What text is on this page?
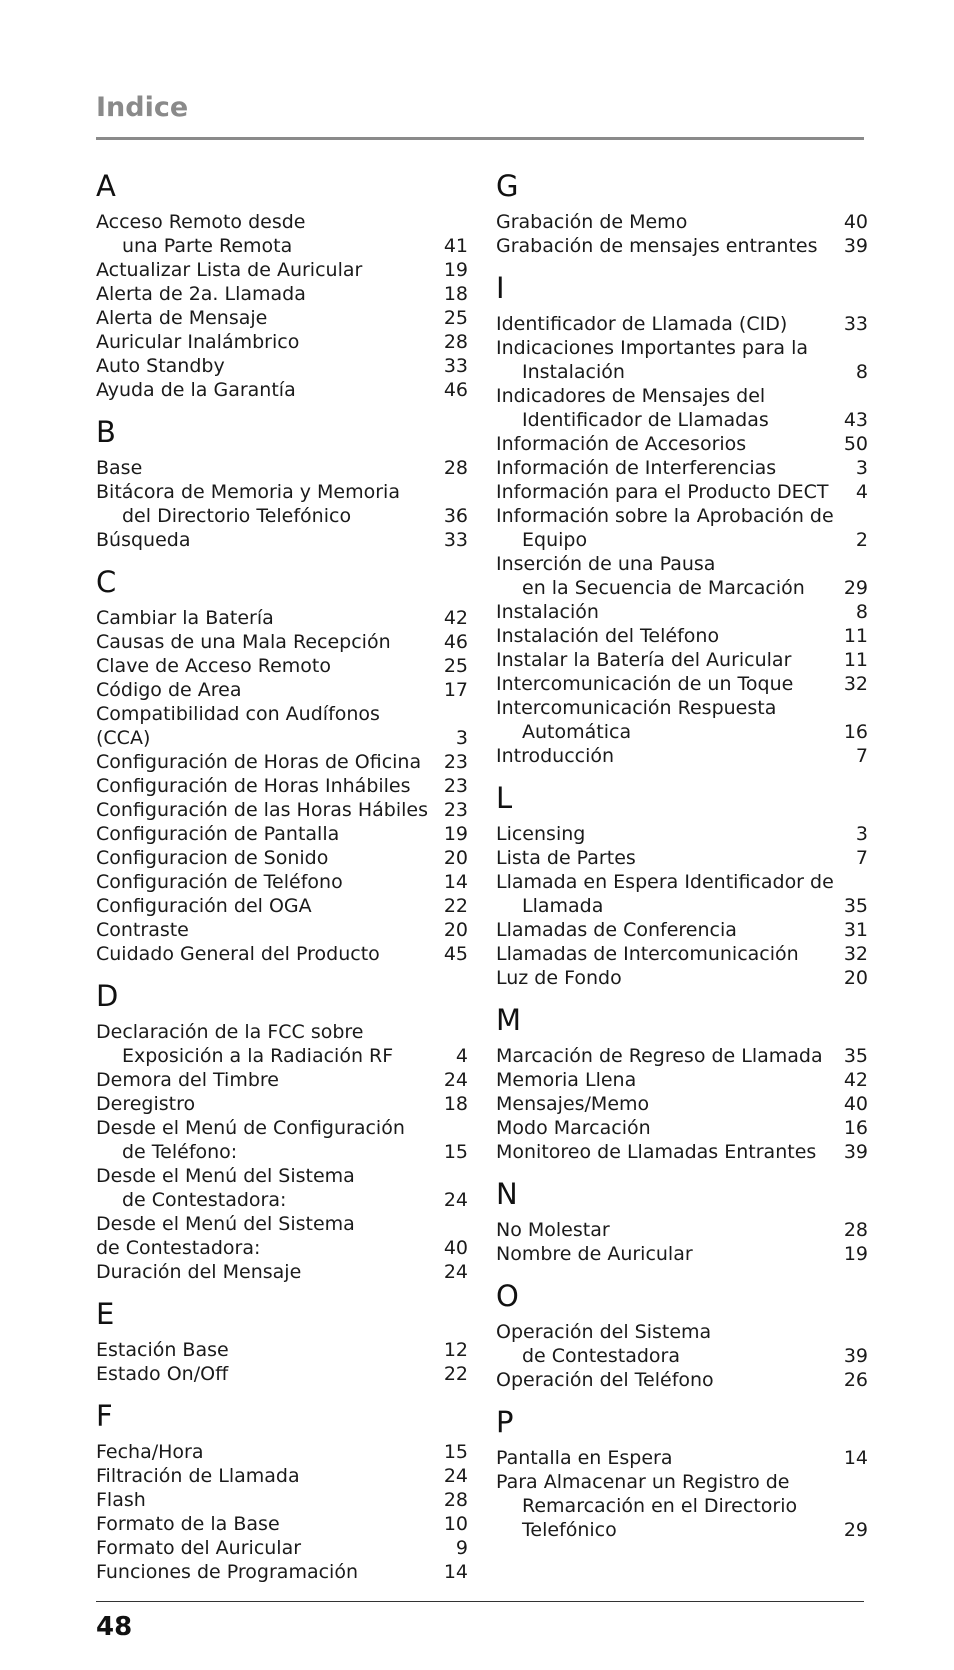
Indice
A
Acceso Remoto desde
una Parte Remota	41
Actualizar Lista de Auricular	19
Alerta de 2a. Llamada	18
Alerta de Mensaje	25
Auricular Inalámbrico	28
Auto Standby	33
Ayuda de la Garantía	46
B
Base	28
Bitácora de Memoria y Memoria
del Directorio Telefónico	36
Búsqueda	33
C
Cambiar la Batería	42
Causas de una Mala Recepción	46
Clave de Acceso Remoto	25
Código de Area	17
Compatibilidad con Audífonos (CCA)	3
Configuración de Horas de Oficina	23
Configuración de Horas Inhábiles	23
Configuración de las Horas Hábiles 23
Configuración de Pantalla	19
Configuracion de Sonido	20
Configuración de Teléfono	14
Configuración del OGA	22
Contraste	20
Cuidado General del Producto	45
D
Declaración de la FCC sobre
Exposición a la Radiación RF	4
Demora del Timbre	24
Deregistro	18
Desde el Menú de Configuración
de Teléfono:	15
Desde el Menú del Sistema
de Contestadora:	24
Desde el Menú del Sistema
de Contestadora:	40
Duración del Mensaje	24
E
Estación Base	12
Estado On/Off	22
F
Fecha/Hora	15
Filtración de Llamada	24
Flash	28
Formato de la Base	10
Formato del Auricular	9
Funciones de Programación	14
G
Grabación de Memo	40
Grabación de mensajes entrantes	39
I
Identificador de Llamada (CID)	33
Indicaciones Importantes para la
Instalación	8
Indicadores de Mensajes del
Identificador de Llamadas	43
Información de Accesorios	50
Información de Interferencias	3
Información para el Producto DECT	4
Información sobre la Aprobación de
Equipo	2
Inserción de una Pausa
en la Secuencia de Marcación	29
Instalación	8
Instalación del Teléfono	11
Instalar la Batería del Auricular	11
Intercomunicación de un Toque	32
Intercomunicación Respuesta
Automática	16
Introducción	7
L
Licensing	3
Lista de Partes	7
Llamada en Espera Identificador de
Llamada	35
Llamadas de Conferencia	31
Llamadas de Intercomunicación	32
Luz de Fondo	20
M
Marcación de Regreso de Llamada	35
Memoria Llena	42
Mensajes/Memo	40
Modo Marcación	16
Monitoreo de Llamadas Entrantes	39
N
No Molestar	28
Nombre de Auricular	19
O
Operación del Sistema
de Contestadora	39
Operación del Teléfono	26
P
Pantalla en Espera	14
Para Almacenar un Registro de
Remarcación en el Directorio
Telefónico	29
48
